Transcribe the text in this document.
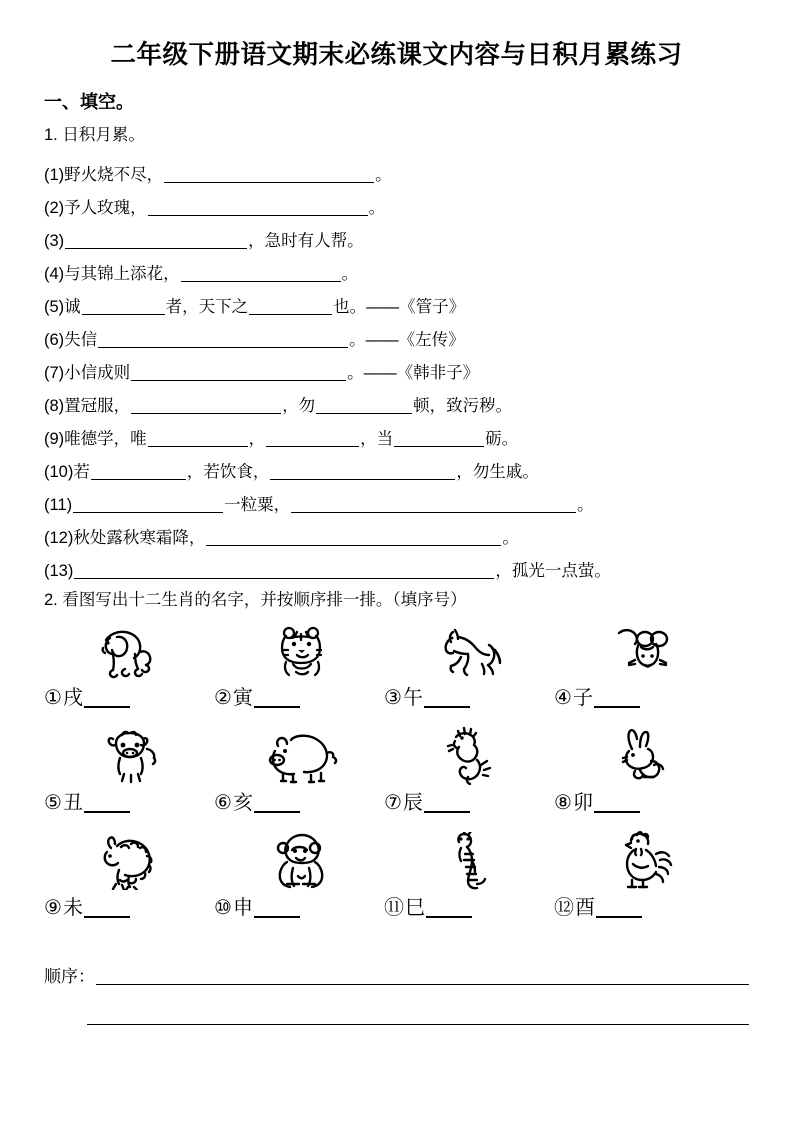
二年级下册语文期末必练课文内容与日积月累练习
一、填空。
1. 日积月累。
(1) 野火烧不尽，	。
(2) 予人玫瑰，	。
(3)	，急时有人帮。
(4) 与其锦上添花，	。
(5) 诚	者，天下之	也。——《管子》
(6) 失信	。——《左传》
(7) 小信成则	。——《韩非子》
(8) 置冠服，	，勿	顿，致污秽。
(9) 唯德学，唯	，	，当	砺。
(10) 若	，若饮食，	，勿生戚。
(11)	一粒粟，	。
(12) 秋处露秋寒霜降，	。
(13)	，孤光一点萤。
2. 看图写出十二生肖的名字，并按顺序排一排。（填序号）
① 戌	② 寅	③ 午	④ 子
⑤ 丑	⑥ 亥	⑦ 辰	⑧ 卯
⑨ 未	⑩ 申	⑪ 巳	⑫ 酉
顺序：
